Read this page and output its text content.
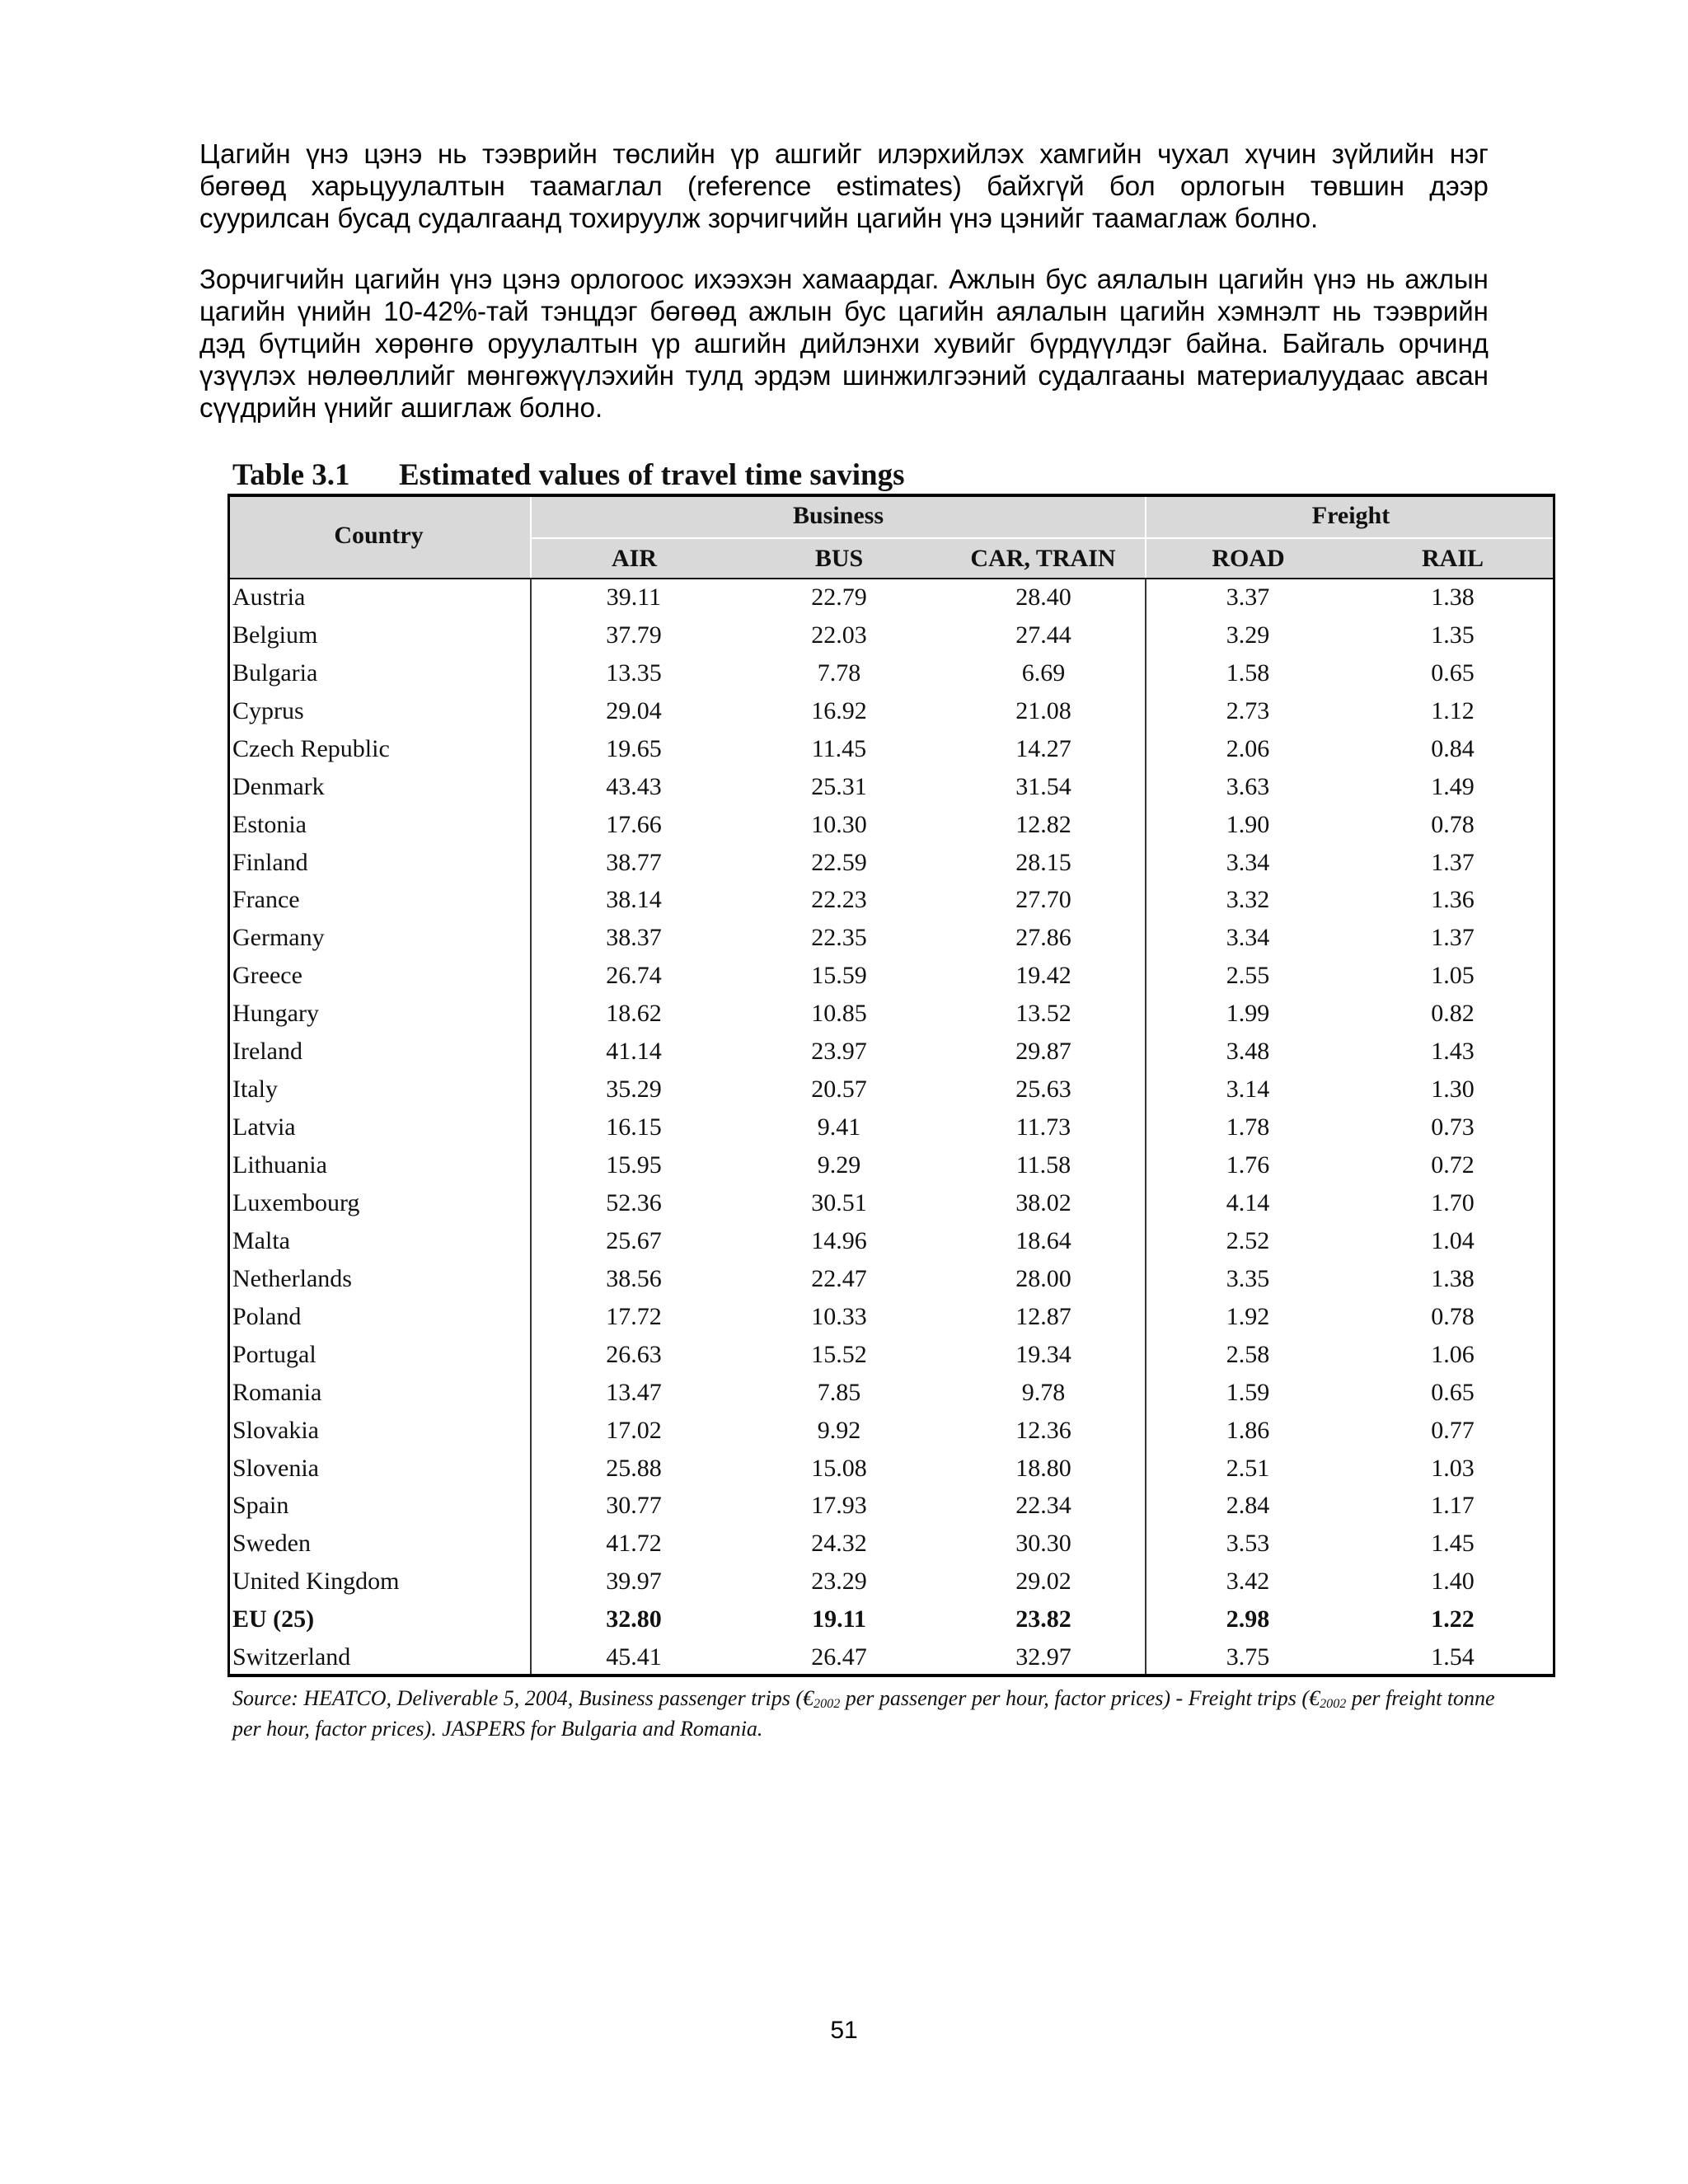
Цагийн үнэ цэнэ нь тээврийн төслийн үр ашгийг илэрхийлэх хамгийн чухал хүчин зүйлийн нэг
бөгөөд харьцуулалтын таамаглал (reference estimates) байхгүй бол орлогын төвшин дээр
суурилсан бусад судалгаанд тохируулж зорчигчийн цагийн үнэ цэнийг таамаглаж болно.
Зорчигчийн цагийн үнэ цэнэ орлогоос ихээхэн хамаардаг. Ажлын бус аялалын цагийн үнэ нь ажлын
цагийн үнийн 10-42%-тай тэнцдэг бөгөөд ажлын бус цагийн аялалын цагийн хэмнэлт нь тээврийн
дэд бүтцийн хөрөнгө оруулалтын үр ашгийн дийлэнхи хувийг бүрдүүлдэг байна. Байгаль орчинд
үзүүлэх нөлөөллийг мөнгөжүүлэхийн тулд эрдэм шинжилгээний судалгааны материалуудаас авсан
сүүдрийн үнийг ашиглаж болно.
Table 3.1 Estimated values of travel time savings
Country
Business	Freight
AIR	BUS	CAR, TRAIN	ROAD	RAIL
Austria	39.11	22.79	28.40	3.37	1.38
Belgium	37.79	22.03	27.44	3.29	1.35
Bulgaria	13.35	7.78	6.69	1.58	0.65
Cyprus	29.04	16.92	21.08	2.73	1.12
Czech Republic	19.65	11.45	14.27	2.06	0.84
Denmark	43.43	25.31	31.54	3.63	1.49
Estonia	17.66	10.30	12.82	1.90	0.78
Finland	38.77	22.59	28.15	3.34	1.37
France	38.14	22.23	27.70	3.32	1.36
Germany	38.37	22.35	27.86	3.34	1.37
Greece	26.74	15.59	19.42	2.55	1.05
Hungary	18.62	10.85	13.52	1.99	0.82
Ireland	41.14	23.97	29.87	3.48	1.43
Italy	35.29	20.57	25.63	3.14	1.30
Latvia	16.15	9.41	11.73	1.78	0.73
Lithuania	15.95	9.29	11.58	1.76	0.72
Luxembourg	52.36	30.51	38.02	4.14	1.70
Malta	25.67	14.96	18.64	2.52	1.04
Netherlands	38.56	22.47	28.00	3.35	1.38
Poland	17.72	10.33	12.87	1.92	0.78
Portugal	26.63	15.52	19.34	2.58	1.06
Romania	13.47	7.85	9.78	1.59	0.65
Slovakia	17.02	9.92	12.36	1.86	0.77
Slovenia	25.88	15.08	18.80	2.51	1.03
Spain	30.77	17.93	22.34	2.84	1.17
Sweden	41.72	24.32	30.30	3.53	1.45
United Kingdom	39.97	23.29	29.02	3.42	1.40
EU (25)	32.80	19.11	23.82	2.98	1.22
Switzerland	45.41	26.47	32.97	3.75	1.54
Source: HEATCO, Deliverable 5, 2004, Business passenger trips ($€_{2002}$ per passenger per hour, factor prices) - Freight trips ($€_{2002}$ per freight tonne
per hour, factor prices). JASPERS for Bulgaria and Romania.
51
